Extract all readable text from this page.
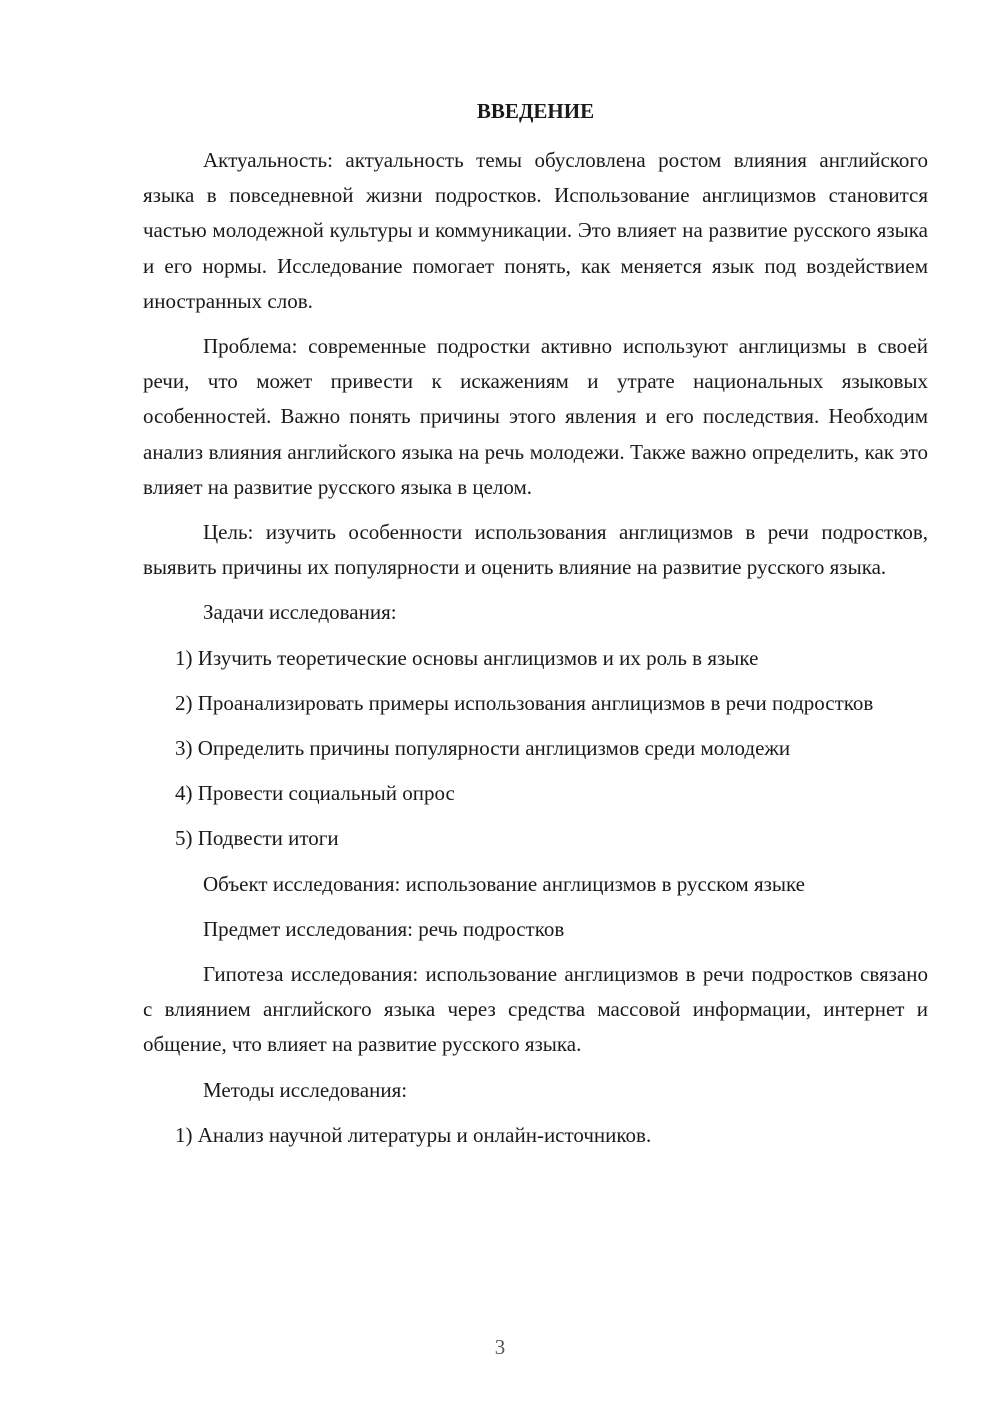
ВВЕДЕНИЕ

Актуальность: актуальность темы обусловлена ростом влияния английского языка в повседневной жизни подростков. Использование англицизмов становится частью молодежной культуры и коммуникации. Это влияет на развитие русского языка и его нормы. Исследование помогает понять, как меняется язык под воздействием иностранных слов.

Проблема: современные подростки активно используют англицизмы в своей речи, что может привести к искажениям и утрате национальных языковых особенностей. Важно понять причины этого явления и его последствия. Необходим анализ влияния английского языка на речь молодежи. Также важно определить, как это влияет на развитие русского языка в целом.

Цель: изучить особенности использования англицизмов в речи подростков, выявить причины их популярности и оценить влияние на развитие русского языка.

Задачи исследования:

1) Изучить теоретические основы англицизмов и их роль в языке

2) Проанализировать примеры использования англицизмов в речи подростков

3) Определить причины популярности англицизмов среди молодежи

4) Провести социальный опрос

5) Подвести итоги

Объект исследования: использование англицизмов в русском языке

Предмет исследования: речь подростков

Гипотеза исследования: использование англицизмов в речи подростков связано с влиянием английского языка через средства массовой информации, интернет и общение, что влияет на развитие русского языка.

Методы исследования:

1) Анализ научной литературы и онлайн-источников.

3
